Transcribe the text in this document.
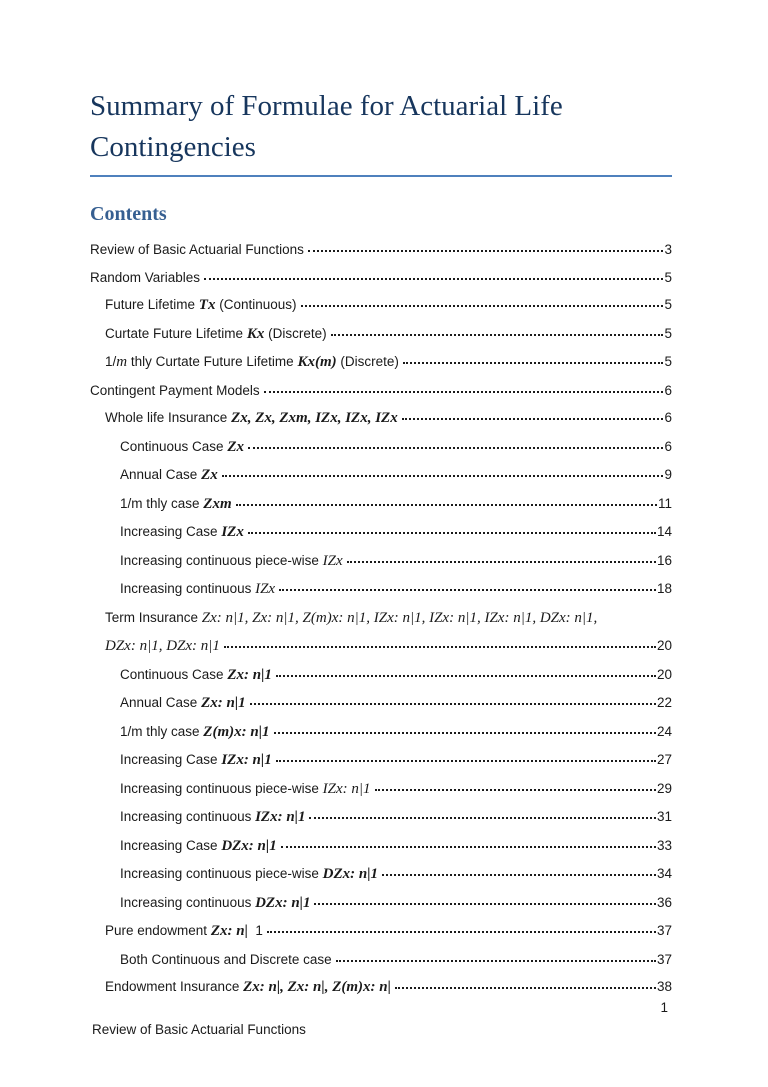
Summary of Formulae for Actuarial Life
Contingencies
Contents
Review of Basic Actuarial Functions	3
Random Variables	5
Future Lifetime Tx (Continuous)	5
Curtate Future Lifetime Kx (Discrete)	5
1/m thly Curtate Future Lifetime Kx(m) (Discrete)	5
Contingent Payment Models	6
Whole life Insurance Zx, Zx, Zxm, IZx, IZx, IZx	6
Continuous Case Zx	6
Annual Case Zx	9
1/m thly case Zxm	11
Increasing Case IZx	14
Increasing continuous piece-wise IZx	16
Increasing continuous IZx	18
Term Insurance Zx: n|1, Zx: n|1, Z(m)x: n|1, IZx: n|1, IZx: n|1, IZx: n|1, DZx: n|1,
DZx: n|1, DZx: n|1	20
Continuous Case Zx: n|1	20
Annual Case Zx: n|1	22
1/m thly case Z(m)x: n|1	24
Increasing Case IZx: n|1	27
Increasing continuous piece-wise IZx: n|1	29
Increasing continuous IZx: n|1	31
Increasing Case DZx: n|1	33
Increasing continuous piece-wise DZx: n|1	34
Increasing continuous DZx: n|1	36
Pure endowment Zx: n|  1	37
Both Continuous and Discrete case	37
Endowment Insurance Zx: n|, Zx: n|, Z(m)x: n|	38
1
Review of Basic Actuarial Functions
